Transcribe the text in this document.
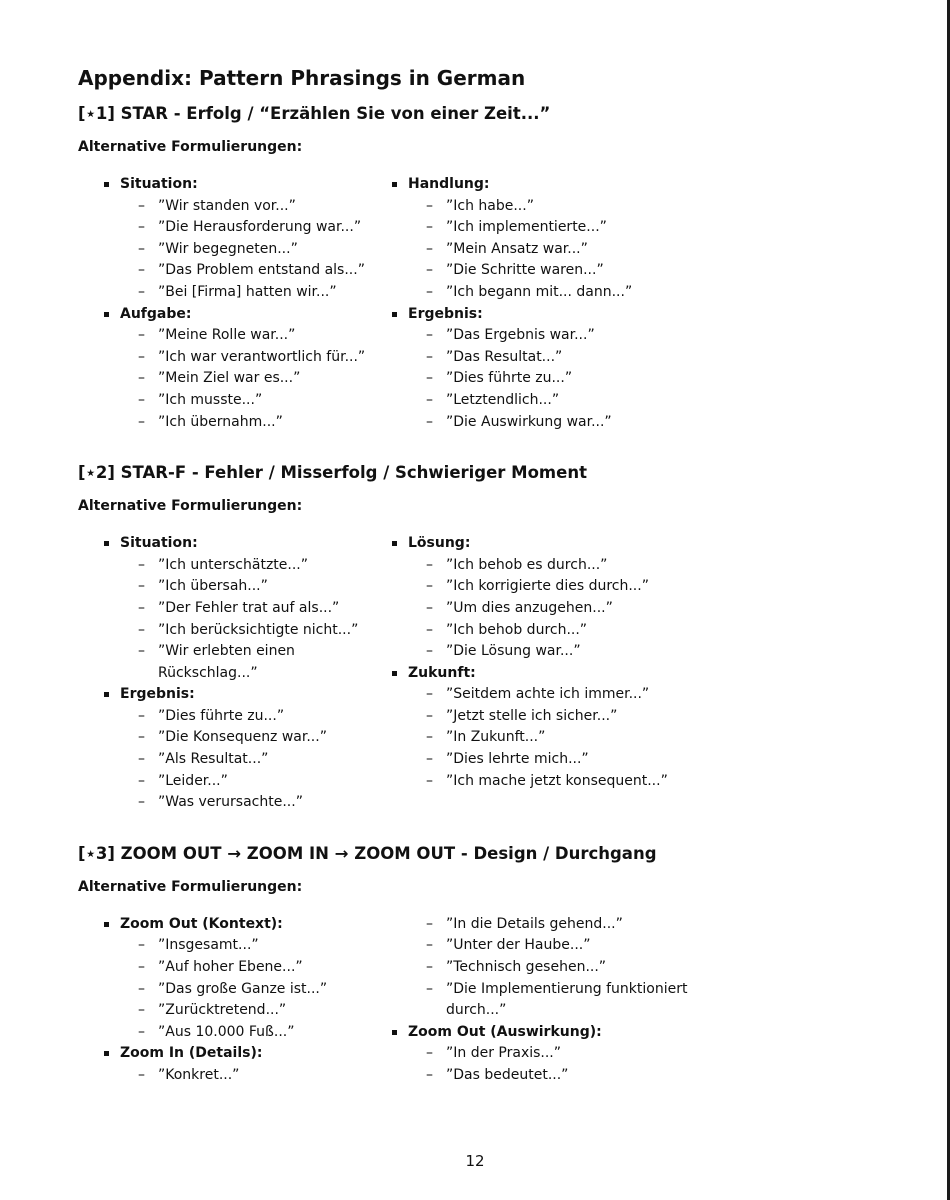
Appendix: Pattern Phrasings in German
[⋆1] STAR - Erfolg / “Erzählen Sie von einer Zeit...”
Alternative Formulierungen:
Situation:
– ”Wir standen vor...”
– ”Die Herausforderung war...”
– ”Wir begegneten...”
– ”Das Problem entstand als...”
– ”Bei [Firma] hatten wir...”
Aufgabe:
– ”Meine Rolle war...”
– ”Ich war verantwortlich für...”
– ”Mein Ziel war es...”
– ”Ich musste...”
– ”Ich übernahm...”
Handlung:
– ”Ich habe...”
– ”Ich implementierte...”
– ”Mein Ansatz war...”
– ”Die Schritte waren...”
– ”Ich begann mit... dann...”
Ergebnis:
– ”Das Ergebnis war...”
– ”Das Resultat...”
– ”Dies führte zu...”
– ”Letztendlich...”
– ”Die Auswirkung war...”
[⋆2] STAR-F - Fehler / Misserfolg / Schwieriger Moment
Alternative Formulierungen:
Situation:
– ”Ich unterschätzte...”
– ”Ich übersah...”
– ”Der Fehler trat auf als...”
– ”Ich berücksichtigte nicht...”
– ”Wir erlebten einen Rückschlag...”
Ergebnis:
– ”Dies führte zu...”
– ”Die Konsequenz war...”
– ”Als Resultat...”
– ”Leider...”
– ”Was verursachte...”
Lösung:
– ”Ich behob es durch...”
– ”Ich korrigierte dies durch...”
– ”Um dies anzugehen...”
– ”Ich behob durch...”
– ”Die Lösung war...”
Zukunft:
– ”Seitdem achte ich immer...”
– ”Jetzt stelle ich sicher...”
– ”In Zukunft...”
– ”Dies lehrte mich...”
– ”Ich mache jetzt konsequent...”
[⋆3] ZOOM OUT → ZOOM IN → ZOOM OUT - Design / Durchgang
Alternative Formulierungen:
Zoom Out (Kontext):
– ”Insgesamt...”
– ”Auf hoher Ebene...”
– ”Das große Ganze ist...”
– ”Zurücktretend...”
– ”Aus 10.000 Fuß...”
Zoom In (Details):
– ”Konkret...”
– ”In die Details gehend...”
– ”Unter der Haube...”
– ”Technisch gesehen...”
– ”Die Implementierung funktioniert durch...”
Zoom Out (Auswirkung):
– ”In der Praxis...”
– ”Das bedeutet...”
12
